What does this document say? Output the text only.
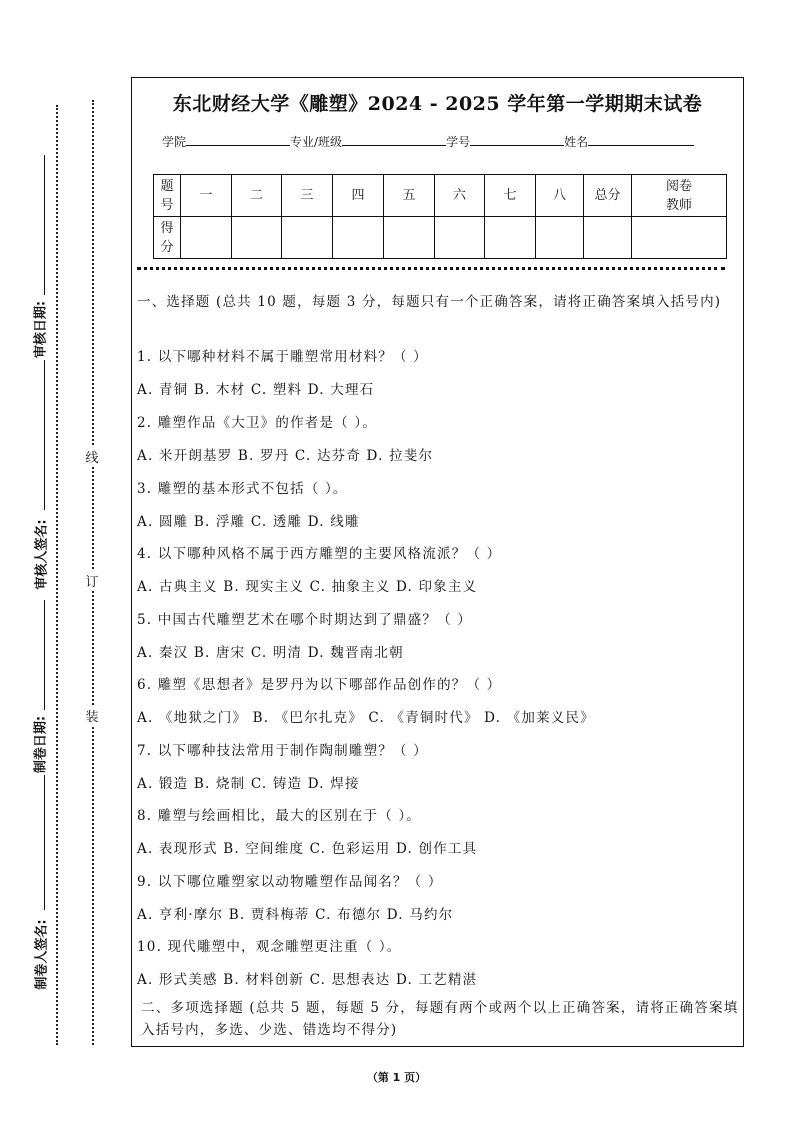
审核日期:
审核人签名:
制卷日期:
制卷人签名:
线
订
装
东北财经大学《雕塑》2024 - 2025 学年第一学期期末试卷
学院	专业/班级	学号	姓名
题号	一	二	三	四	五	六	七	八	总分	阅卷教师

得分										

一、选择题 (总共 10 题，每题 3 分，每题只有一个正确答案，请将正确答案填入括号内)
1. 以下哪种材料不属于雕塑常用材料？（ ）
A. 青铜 B. 木材 C. 塑料 D. 大理石
2. 雕塑作品《大卫》的作者是（ ）。
A. 米开朗基罗 B. 罗丹 C. 达芬奇 D. 拉斐尔
3. 雕塑的基本形式不包括（ ）。
A. 圆雕 B. 浮雕 C. 透雕 D. 线雕
4. 以下哪种风格不属于西方雕塑的主要风格流派？（ ）
A. 古典主义 B. 现实主义 C. 抽象主义 D. 印象主义
5. 中国古代雕塑艺术在哪个时期达到了鼎盛？（ ）
A. 秦汉 B. 唐宋 C. 明清 D. 魏晋南北朝
6. 雕塑《思想者》是罗丹为以下哪部作品创作的？（ ）
A. 《地狱之门》 B. 《巴尔扎克》 C. 《青铜时代》 D. 《加莱义民》
7. 以下哪种技法常用于制作陶制雕塑？（ ）
A. 锻造 B. 烧制 C. 铸造 D. 焊接
8. 雕塑与绘画相比，最大的区别在于（ ）。
A. 表现形式 B. 空间维度 C. 色彩运用 D. 创作工具
9. 以下哪位雕塑家以动物雕塑作品闻名？（ ）
A. 亨利·摩尔 B. 贾科梅蒂 C. 布德尔 D. 马约尔
10. 现代雕塑中，观念雕塑更注重（ ）。
A. 形式美感 B. 材料创新 C. 思想表达 D. 工艺精湛
二、多项选择题 (总共 5 题，每题 5 分，每题有两个或两个以上正确答案，请将正确答案填入括号内，多选、少选、错选均不得分)
（第 1 页）
